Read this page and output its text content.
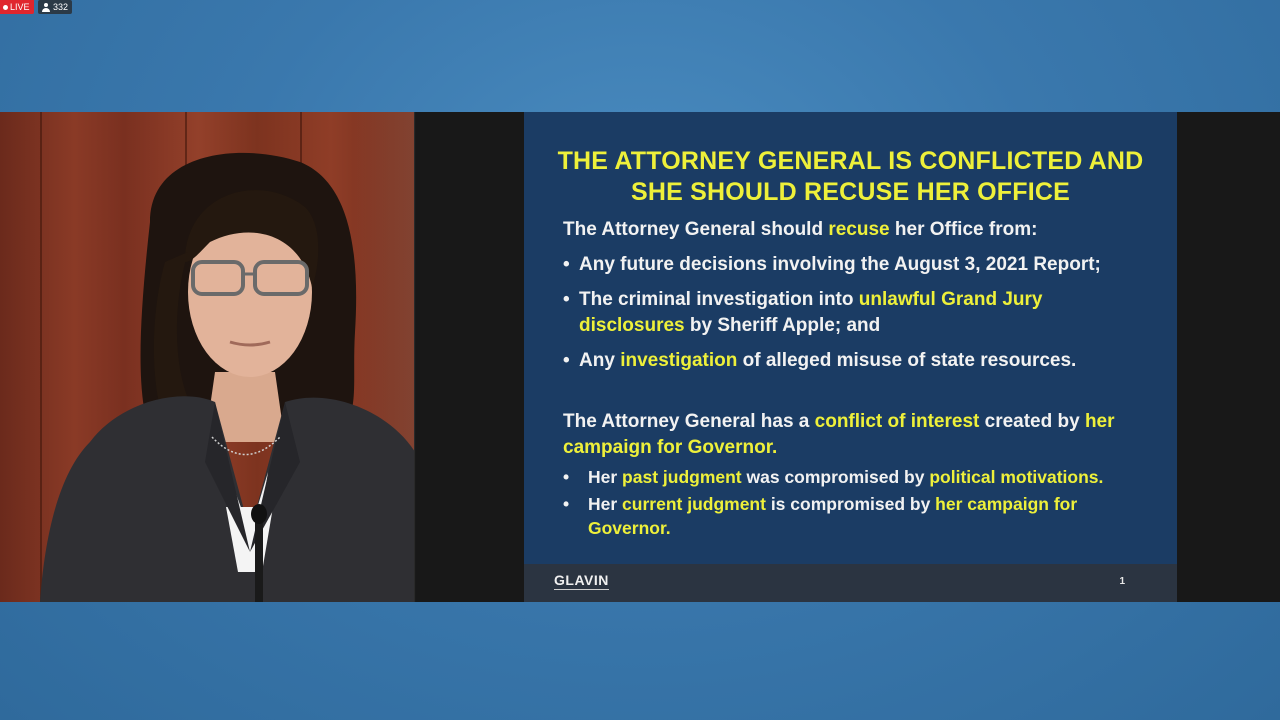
LIVE	332
THE ATTORNEY GENERAL IS CONFLICTED AND
SHE SHOULD RECUSE HER OFFICE
The Attorney General should recuse her Office from:
• Any future decisions involving the August 3, 2021 Report;
• The criminal investigation into unlawful Grand Jury
disclosures by Sheriff Apple; and
• Any investigation of alleged misuse of state resources.
The Attorney General has a conflict of interest created by her
campaign for Governor.
• Her past judgment was compromised by political motivations.
• Her current judgment is compromised by her campaign for
Governor.
GLAVIN	1
